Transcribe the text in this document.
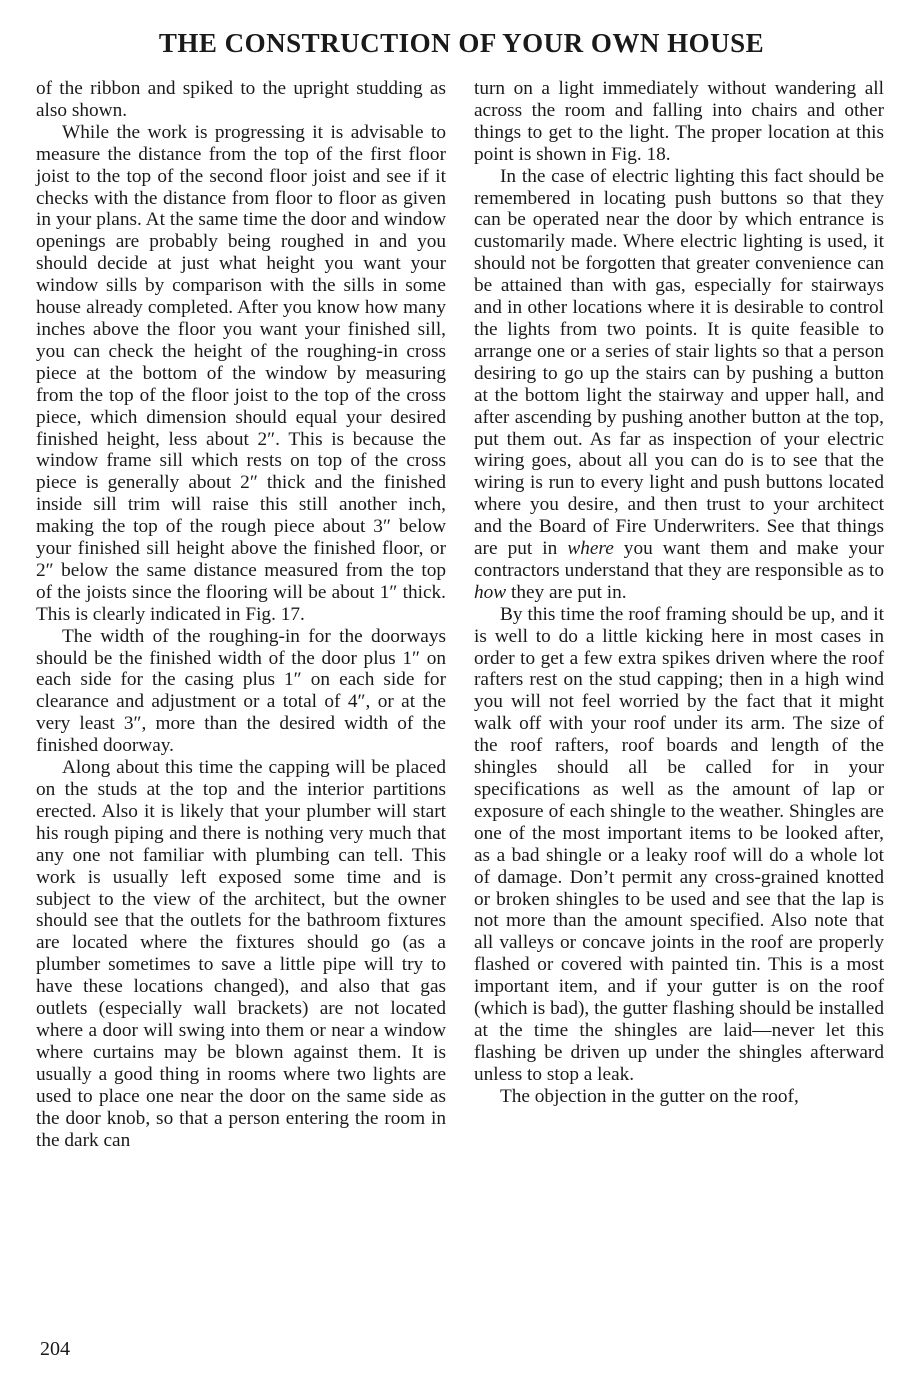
THE CONSTRUCTION OF YOUR OWN HOUSE

of the ribbon and spiked to the upright studding as also shown.

While the work is progressing it is advisable to measure the distance from the top of the first floor joist to the top of the second floor joist and see if it checks with the distance from floor to floor as given in your plans. At the same time the door and window openings are probably being roughed in and you should decide at just what height you want your window sills by comparison with the sills in some house already completed. After you know how many inches above the floor you want your finished sill, you can check the height of the roughing-in cross piece at the bottom of the window by measuring from the top of the floor joist to the top of the cross piece, which dimension should equal your desired finished height, less about 2″. This is because the window frame sill which rests on top of the cross piece is generally about 2″ thick and the finished inside sill trim will raise this still another inch, making the top of the rough piece about 3″ below your finished sill height above the finished floor, or 2″ below the same distance measured from the top of the joists since the flooring will be about 1″ thick. This is clearly indicated in Fig. 17.

The width of the roughing-in for the doorways should be the finished width of the door plus 1″ on each side for the casing plus 1″ on each side for clearance and adjustment or a total of 4″, or at the very least 3″, more than the desired width of the finished doorway.

Along about this time the capping will be placed on the studs at the top and the interior partitions erected. Also it is likely that your plumber will start his rough piping and there is nothing very much that any one not familiar with plumbing can tell. This work is usually left exposed some time and is subject to the view of the architect, but the owner should see that the outlets for the bathroom fixtures are located where the fixtures should go (as a plumber sometimes to save a little pipe will try to have these locations changed), and also that gas outlets (especially wall brackets) are not located where a door will swing into them or near a window where curtains may be blown against them. It is usually a good thing in rooms where two lights are used to place one near the door on the same side as the door knob, so that a person entering the room in the dark can

turn on a light immediately without wandering all across the room and falling into chairs and other things to get to the light. The proper location at this point is shown in Fig. 18.

In the case of electric lighting this fact should be remembered in locating push buttons so that they can be operated near the door by which entrance is customarily made. Where electric lighting is used, it should not be forgotten that greater convenience can be attained than with gas, especially for stairways and in other locations where it is desirable to control the lights from two points. It is quite feasible to arrange one or a series of stair lights so that a person desiring to go up the stairs can by pushing a button at the bottom light the stairway and upper hall, and after ascending by pushing another button at the top, put them out. As far as inspection of your electric wiring goes, about all you can do is to see that the wiring is run to every light and push buttons located where you desire, and then trust to your architect and the Board of Fire Underwriters. See that things are put in where you want them and make your contractors understand that they are responsible as to how they are put in.

By this time the roof framing should be up, and it is well to do a little kicking here in most cases in order to get a few extra spikes driven where the roof rafters rest on the stud capping; then in a high wind you will not feel worried by the fact that it might walk off with your roof under its arm. The size of the roof rafters, roof boards and length of the shingles should all be called for in your specifications as well as the amount of lap or exposure of each shingle to the weather. Shingles are one of the most important items to be looked after, as a bad shingle or a leaky roof will do a whole lot of damage. Don’t permit any cross-grained knotted or broken shingles to be used and see that the lap is not more than the amount specified. Also note that all valleys or concave joints in the roof are properly flashed or covered with painted tin. This is a most important item, and if your gutter is on the roof (which is bad), the gutter flashing should be installed at the time the shingles are laid—never let this flashing be driven up under the shingles afterward unless to stop a leak.

The objection in the gutter on the roof,

204
